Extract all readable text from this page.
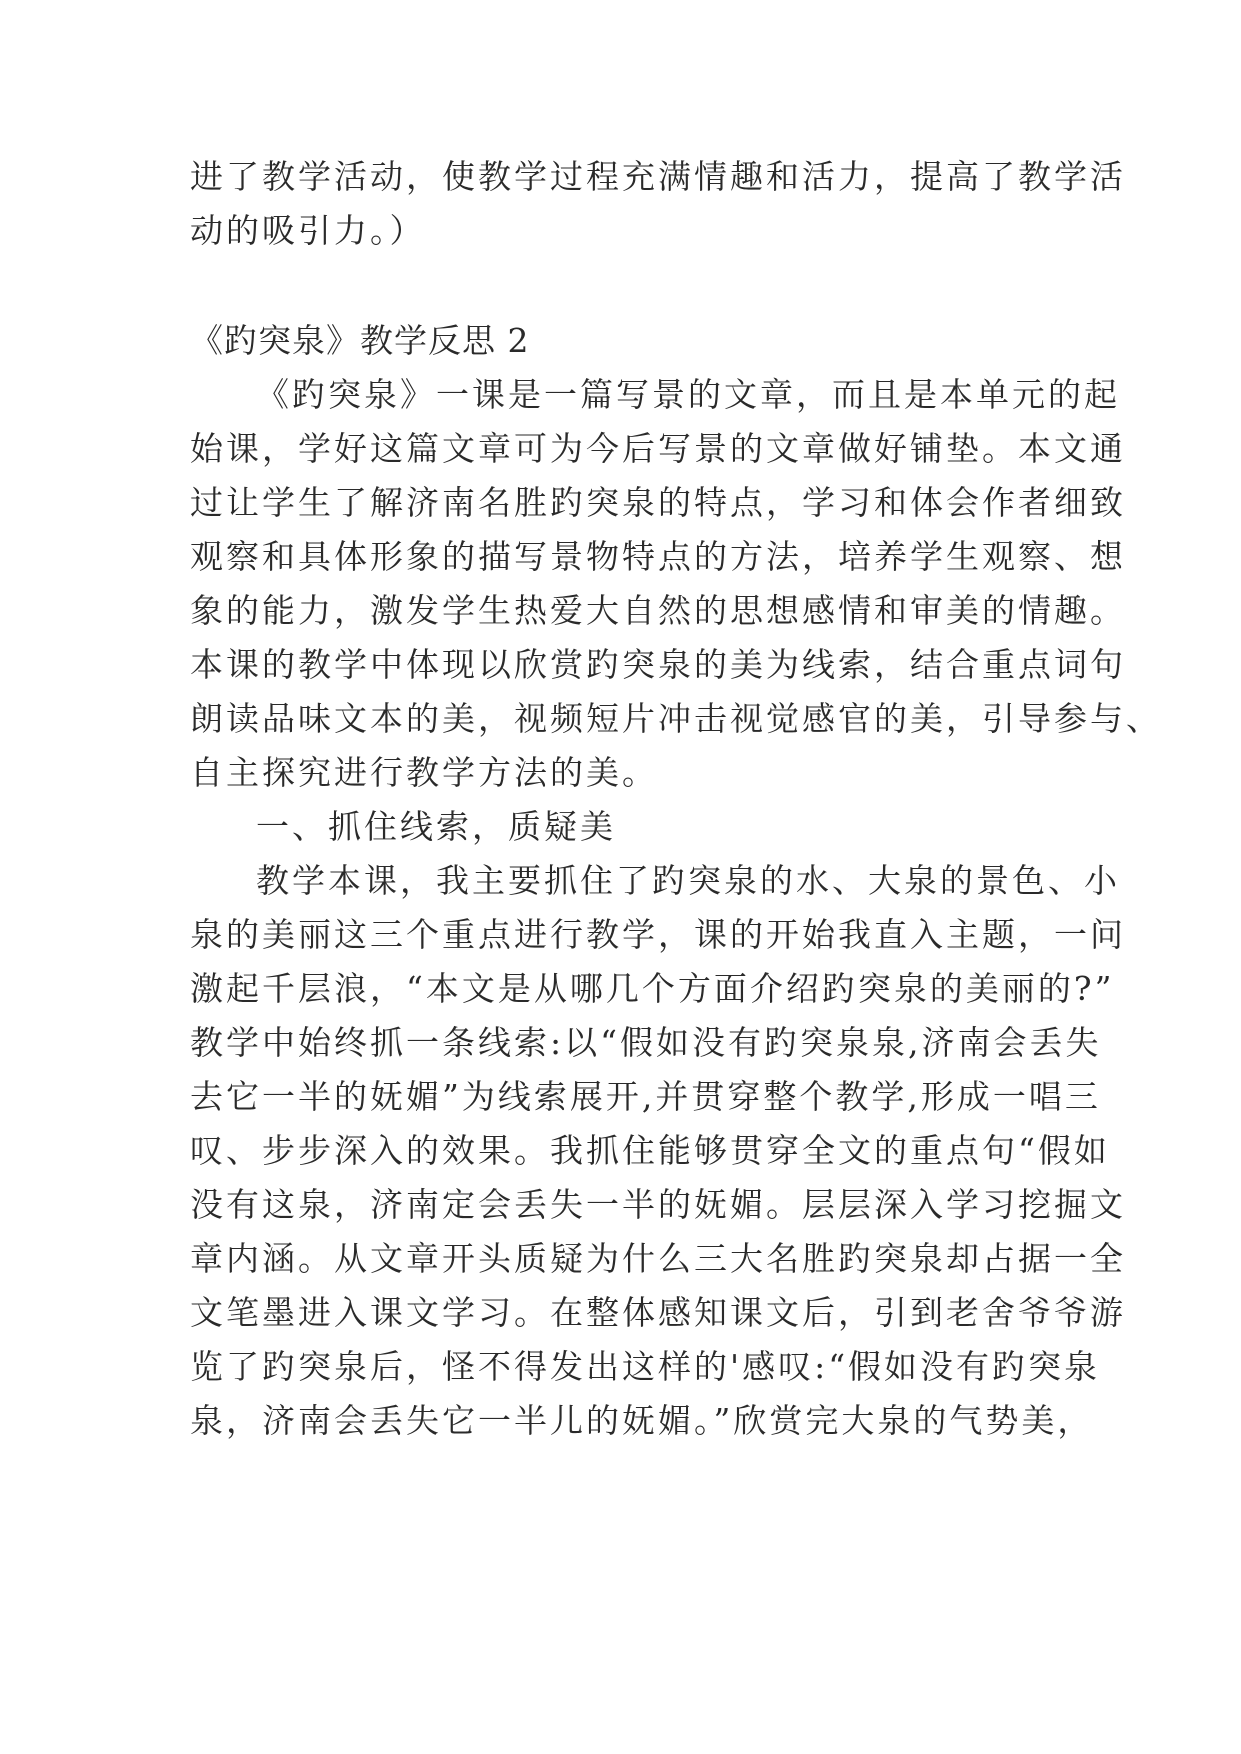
进了教学活动，使教学过程充满情趣和活力，提高了教学活
动的吸引力。）
《趵突泉》教学反思 2
《趵突泉》一课是一篇写景的文章，而且是本单元的起
始课，学好这篇文章可为今后写景的文章做好铺垫。本文通
过让学生了解济南名胜趵突泉的特点，学习和体会作者细致
观察和具体形象的描写景物特点的方法，培养学生观察、想
象的能力，激发学生热爱大自然的思想感情和审美的情趣。
本课的教学中体现以欣赏趵突泉的美为线索，结合重点词句
朗读品味文本的美，视频短片冲击视觉感官的美，引导参与、
自主探究进行教学方法的美。
一、抓住线索，质疑美
教学本课，我主要抓住了趵突泉的水、大泉的景色、小
泉的美丽这三个重点进行教学，课的开始我直入主题，一问
激起千层浪，“本文是从哪几个方面介绍趵突泉的美丽的?”
教学中始终抓一条线索:以“假如没有趵突泉泉,济南会丢失
去它一半的妩媚”为线索展开,并贯穿整个教学,形成一唱三
叹、步步深入的效果。我抓住能够贯穿全文的重点句“假如
没有这泉，济南定会丢失一半的妩媚。层层深入学习挖掘文
章内涵。从文章开头质疑为什么三大名胜趵突泉却占据一全
文笔墨进入课文学习。在整体感知课文后，引到老舍爷爷游
览了趵突泉后，怪不得发出这样的'感叹:“假如没有趵突泉
泉，济南会丢失它一半儿的妩媚。”欣赏完大泉的气势美，
